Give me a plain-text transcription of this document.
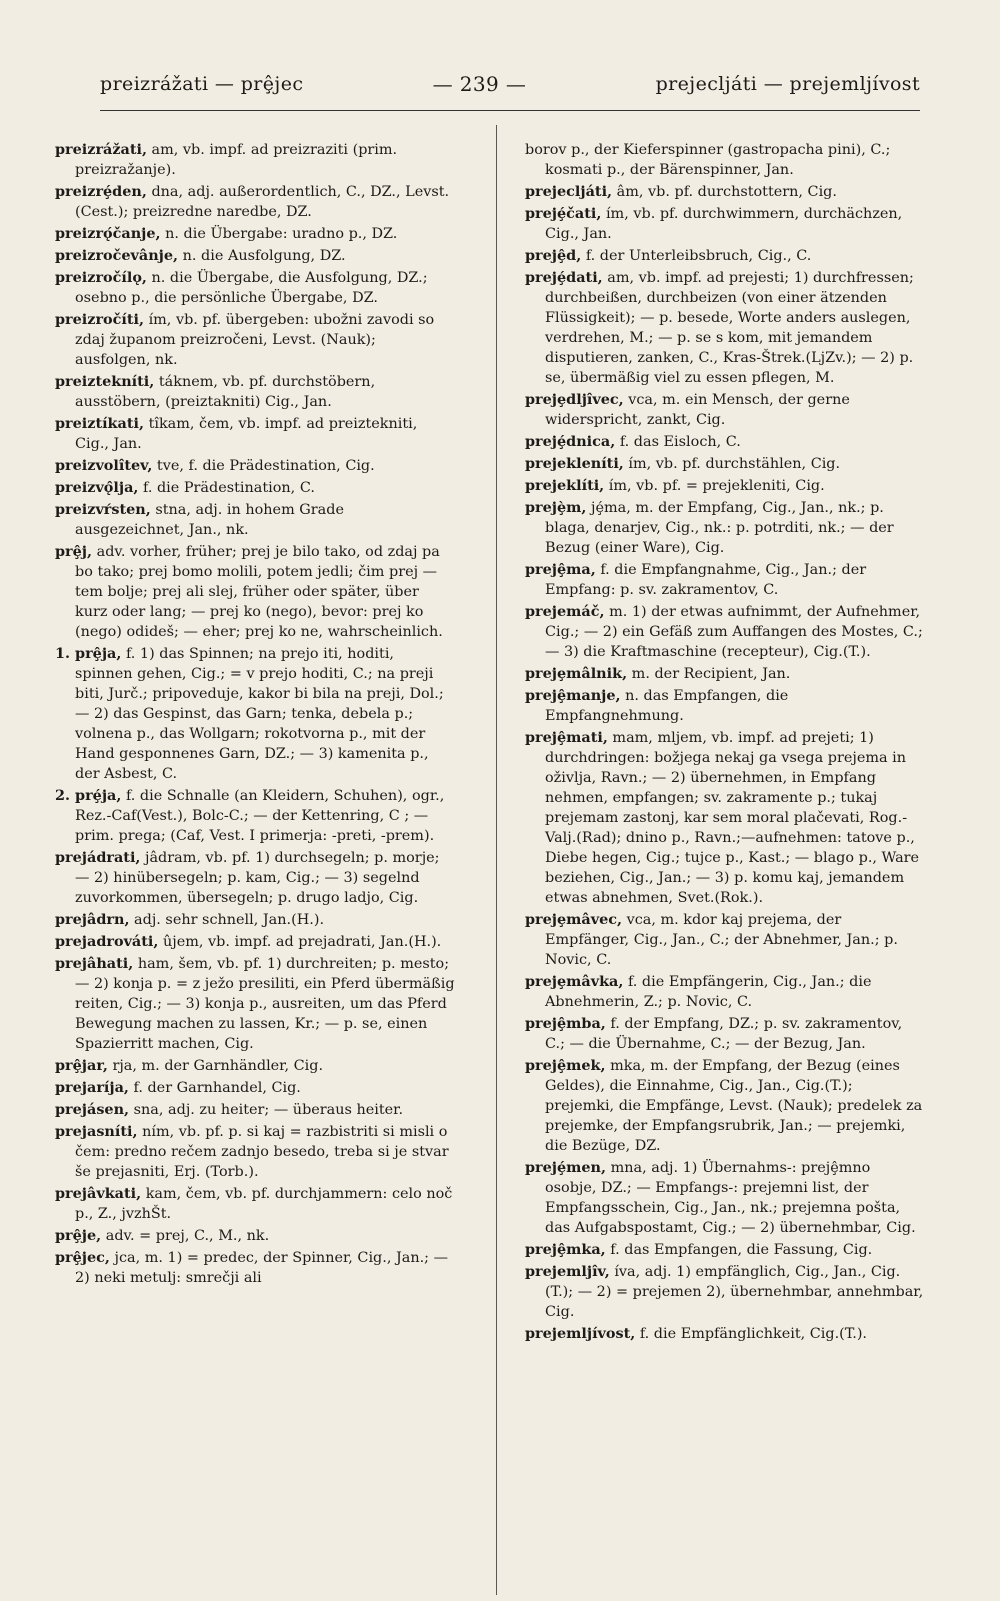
preizrážati — prȩ̂jec	— 239 —	prejecljáti — prejemljívost
preizrážati, am, vb. impf. ad preizraziti (prim. preizražanje).
preizrȩ́den, dna, adj. außerordentlich, C., DZ., Levst.(Cest.); preizredne naredbe, DZ.
preizrǫ́čanje, n. die Übergabe: uradno p., DZ.
preizročevânje, n. die Ausfolgung, DZ.
preizročílǫ, n. die Übergabe, die Ausfolgung, DZ.; osebno p., die persönliche Übergabe, DZ.
preizročíti, ím, vb. pf. übergeben: ubožni zavodi so zdaj županom preizročeni, Levst. (Nauk); ausfolgen, nk.
preiztekníti, táknem, vb. pf. durchstöbern, ausstöbern, (preiztakniti) Cig., Jan.
preiztíkati, tîkam, čem, vb. impf. ad preiztekniti, Cig., Jan.
preizvolîtev, tve, f. die Prädestination, Cig.
preizvǫ̂lja, f. die Prädestination, C.
preizvŕsten, stna, adj. in hohem Grade ausgezeichnet, Jan., nk.
prȩ̂j, adv. vorher, früher; prej je bilo tako, od zdaj pa bo tako; prej bomo molili, potem jedli; čim prej — tem bolje; prej ali slej, früher oder später, über kurz oder lang; — prej ko (nego), bevor: prej ko (nego) odideš; — eher; prej ko ne, wahrscheinlich.
1. prȩ̂ja, f. 1) das Spinnen; na prejo iti, hoditi, spinnen gehen, Cig.; = v prejo hoditi, C.; na preji biti, Jurč.; pripoveduje, kakor bi bila na preji, Dol.; — 2) das Gespinst, das Garn; tenka, debela p.; volnena p., das Wollgarn; rokotvorna p., mit der Hand gesponnenes Garn, DZ.; — 3) kamenita p., der Asbest, C.
2. prȩ́ja, f. die Schnalle (an Kleidern, Schuhen), ogr., Rez.-Caf(Vest.), Bolc-C.; — der Kettenring, C ; — prim. prega; (Caf, Vest. I primerja: -preti, -prem).
prejádrati, jâdram, vb. pf. 1) durchsegeln; p. morje; — 2) hinübersegeln; p. kam, Cig.; — 3) segelnd zuvorkommen, übersegeln; p. drugo ladjo, Cig.
prejâdrn, adj. sehr schnell, Jan.(H.).
prejadrováti, ûjem, vb. impf. ad prejadrati, Jan.(H.).
prejâhati, ham, šem, vb. pf. 1) durchreiten; p. mesto; — 2) konja p. = z ježo presiliti, ein Pferd übermäßig reiten, Cig.; — 3) konja p., ausreiten, um das Pferd Bewegung machen zu lassen, Kr.; — p. se, einen Spazierritt machen, Cig.
prȩ̂jar, rja, m. der Garnhändler, Cig.
prejaríja, f. der Garnhandel, Cig.
prejásen, sna, adj. zu heiter; — überaus heiter.
prejasníti, ním, vb. pf. p. si kaj = razbistriti si misli o čem: predno rečem zadnjo besedo, treba si je stvar še prejasniti, Erj. (Torb.).
prejâvkati, kam, čem, vb. pf. durchjammern: celo noč p., Z., jvzhŠt.
prȩ̂je, adv. = prej, C., M., nk.
prȩ̂jec, jca, m. 1) = predec, der Spinner, Cig., Jan.; — 2) neki metulj: smrečji ali
borov p., der Kieferspinner (gastropacha pini), C.; kosmati p., der Bärenspinner, Jan.
prejecljáti, âm, vb. pf. durchstottern, Cig.
prejȩ́čati, ím, vb. pf. durchwimmern, durchächzen, Cig., Jan.
prejȩ̂d, f. der Unterleibsbruch, Cig., C.
prejȩ́dati, am, vb. impf. ad prejesti; 1) durchfressen; durchbeißen, durchbeizen (von einer ätzenden Flüssigkeit); — p. besede, Worte anders auslegen, verdrehen, M.; — p. se s kom, mit jemandem disputieren, zanken, C., Kras-Štrek.(LjZv.); — 2) p. se, übermäßig viel zu essen pflegen, M.
prejȩdljîvec, vca, m. ein Mensch, der gerne widerspricht, zankt, Cig.
prejȩ́dnica, f. das Eisloch, C.
prejekleníti, ím, vb. pf. durchstählen, Cig.
prejeklíti, ím, vb. pf. = prejekleniti, Cig.
prejȩ̀m, jȩ́ma, m. der Empfang, Cig., Jan., nk.; p. blaga, denarjev, Cig., nk.: p. potrditi, nk.; — der Bezug (einer Ware), Cig.
prejȩ̂ma, f. die Empfangnahme, Cig., Jan.; der Empfang: p. sv. zakramentov, C.
prejemáč, m. 1) der etwas aufnimmt, der Aufnehmer, Cig.; — 2) ein Gefäß zum Auffangen des Mostes, C.; — 3) die Kraftmaschine (recepteur), Cig.(T.).
prejȩmâlnik, m. der Recipient, Jan.
prejȩ̂manje, n. das Empfangen, die Empfangnehmung.
prejȩ̂mati, mam, mljem, vb. impf. ad prejeti; 1) durchdringen: božjega nekaj ga vsega prejema in oživlja, Ravn.; — 2) übernehmen, in Empfang nehmen, empfangen; sv. zakramente p.; tukaj prejemam zastonj, kar sem moral plačevati, Rog.-Valj.(Rad); dnino p., Ravn.;—aufnehmen: tatove p., Diebe hegen, Cig.; tujce p., Kast.; — blago p., Ware beziehen, Cig., Jan.; — 3) p. komu kaj, jemandem etwas abnehmen, Svet.(Rok.).
prejȩmâvec, vca, m. kdor kaj prejema, der Empfänger, Cig., Jan., C.; der Abnehmer, Jan.; p. Novic, C.
prejȩmâvka, f. die Empfängerin, Cig., Jan.; die Abnehmerin, Z.; p. Novic, C.
prejȩ̂mba, f. der Empfang, DZ.; p. sv. zakramentov, C.; — die Übernahme, C.; — der Bezug, Jan.
prejȩ̂mek, mka, m. der Empfang, der Bezug (eines Geldes), die Einnahme, Cig., Jan., Cig.(T.); prejemki, die Empfänge, Levst. (Nauk); predelek za prejemke, der Empfangsrubrik, Jan.; — prejemki, die Bezüge, DZ.
prejȩ́men, mna, adj. 1) Übernahms-: prejȩ̂mno osobje, DZ.; — Empfangs-: prejemni list, der Empfangsschein, Cig., Jan., nk.; prejemna pošta, das Aufgabspostamt, Cig.; — 2) übernehmbar, Cig.
prejȩ̂mka, f. das Empfangen, die Fassung, Cig.
prejemljîv, íva, adj. 1) empfänglich, Cig., Jan., Cig.(T.); — 2) = prejemen 2), übernehmbar, annehmbar, Cig.
prejemljívost, f. die Empfänglichkeit, Cig.(T.).
